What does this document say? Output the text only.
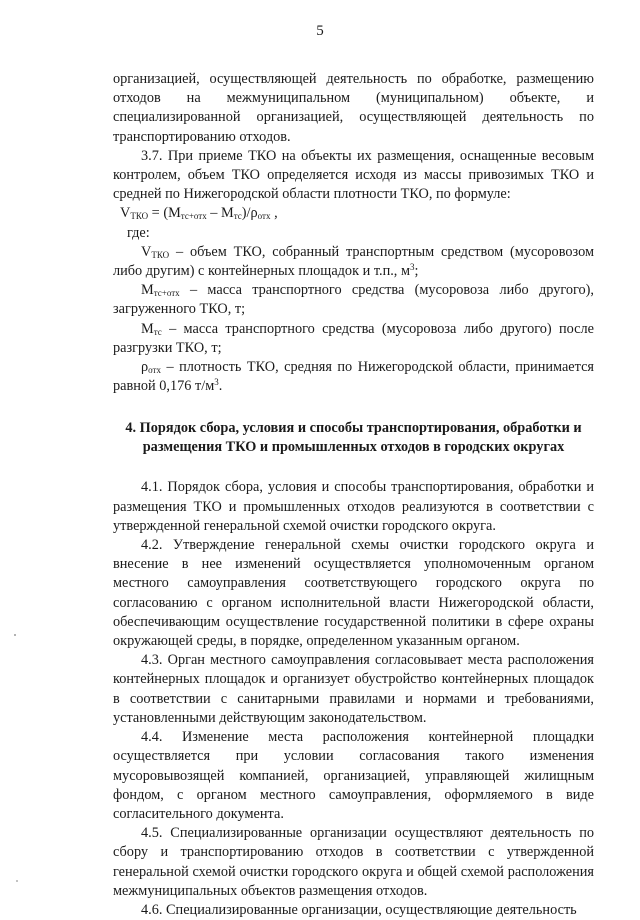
5

организацией, осуществляющей деятельность по обработке, размещению отходов на межмуниципальном (муниципальном) объекте, и специализированной организацией, осуществляющей деятельность по транспортированию отходов.

3.7. При приеме ТКО на объекты их размещения, оснащенные весовым контролем, объем ТКО определяется исходя из массы привозимых ТКО и средней по Нижегородской области плотности ТКО, по формуле:

$V_{ТКО} = (М_{тс+отх} - М_{тс})/\rho_{отх}$ ,

где:

$V_{ТКО}$ – объем ТКО, собранный транспортным средством (мусоровозом либо другим) с контейнерных площадок и т.п., $м^3$;

$М_{тс+отх}$ – масса транспортного средства (мусоровоза либо другого), загруженного ТКО, т;

$М_{тс}$ – масса транспортного средства (мусоровоза либо другого) после разгрузки ТКО, т;

$\rho_{отх}$ – плотность ТКО, средняя по Нижегородской области, принимается равной 0,176 $т/м^3$.

4. Порядок сбора, условия и способы транспортирования, обработки и

размещения ТКО и промышленных отходов в городских округах

4.1. Порядок сбора, условия и способы транспортирования, обработки и размещения ТКО и промышленных отходов реализуются в соответствии с утвержденной генеральной схемой очистки городского округа.

4.2. Утверждение генеральной схемы очистки городского округа и внесение в нее изменений осуществляется уполномоченным органом местного самоуправления соответствующего городского округа по согласованию с органом исполнительной власти Нижегородской области, обеспечивающим осуществление государственной политики в сфере охраны окружающей среды, в порядке, определенном указанным органом.

4.3. Орган местного самоуправления согласовывает места расположения контейнерных площадок и организует обустройство контейнерных площадок в соответствии с санитарными правилами и нормами и требованиями, установленными действующим законодательством.

4.4. Изменение места расположения контейнерной площадки осуществляется при условии согласования такого изменения мусоровывозящей компанией, организацией, управляющей жилищным фондом, с органом местного самоуправления, оформляемого в виде согласительного документа.

4.5. Специализированные организации осуществляют деятельность по сбору и транспортированию отходов в соответствии с утвержденной генеральной схемой очистки городского округа и общей схемой расположения межмуниципальных объектов размещения отходов.

4.6. Специализированные организации, осуществляющие деятельность
